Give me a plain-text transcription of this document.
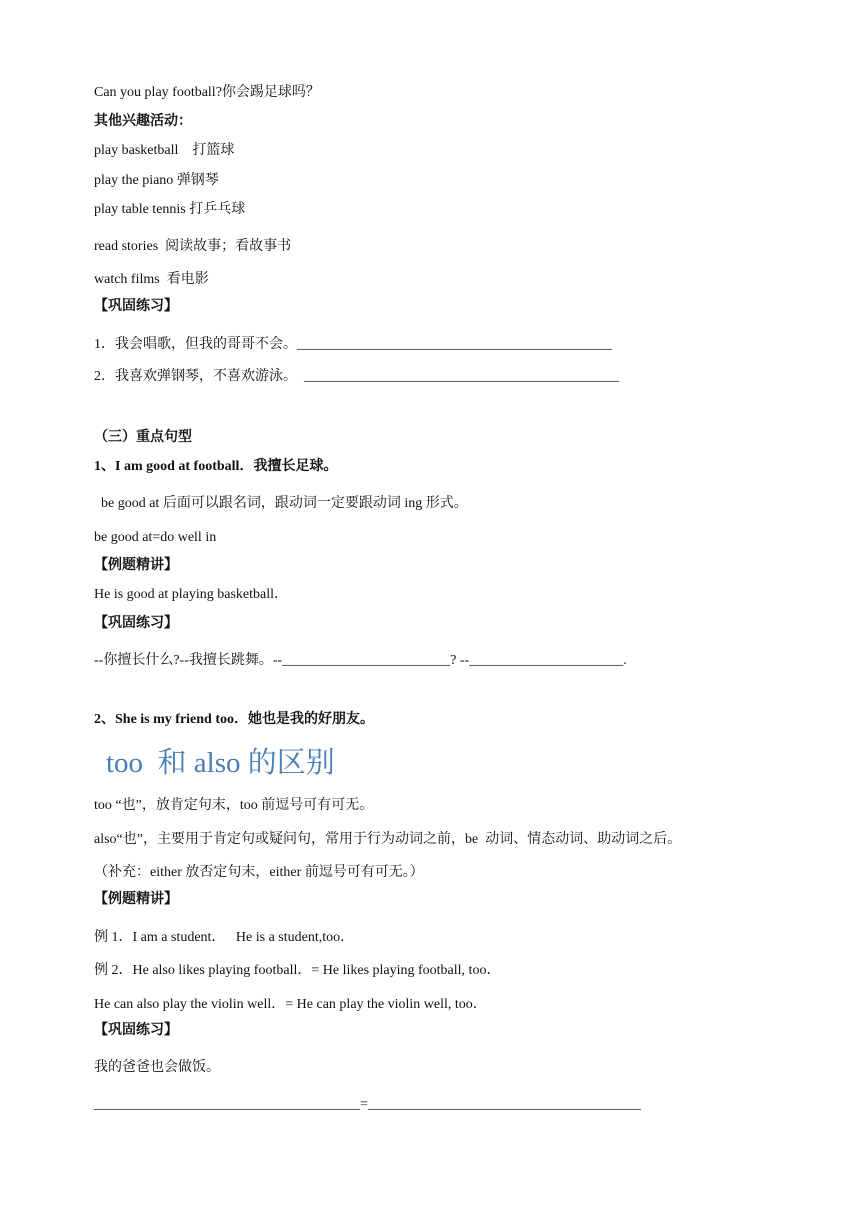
Can you play football?你会踢足球吗？
其他兴趣活动：
play basketball    打篮球
play the piano 弹钢琴
play table tennis 打乒乓球
read stories  阅读故事；看故事书
watch films  看电影
【巩固练习】
1．我会唱歌，但我的哥哥不会。_____________________________________________
2．我喜欢弹钢琴，不喜欢游泳。  _____________________________________________
（三）重点句型
1、I am good at football．我擅长足球。
be good at 后面可以跟名词，跟动词一定要跟动词 ing 形式。
be good at=do well in
【例题精讲】
He is good at playing basketball．
【巩固练习】
--你擅长什么?--我擅长跳舞。--________________________? --______________________.
2、She is my friend too．她也是我的好朋友。
too  和 also 的区别
too “也”，放肯定句末，too 前逗号可有可无。
also“也”，主要用于肯定句或疑问句，常用于行为动词之前，be  动词、情态动词、助动词之后。
（补充：either 放否定句末，either 前逗号可有可无。）
【例题精讲】
例 1．I am a student．   He is a student,too．
例 2．He also likes playing football．= He likes playing football, too．
He can also play the violin well．= He can play the violin well, too．
【巩固练习】
我的爸爸也会做饭。
______________________________________=_______________________________________
